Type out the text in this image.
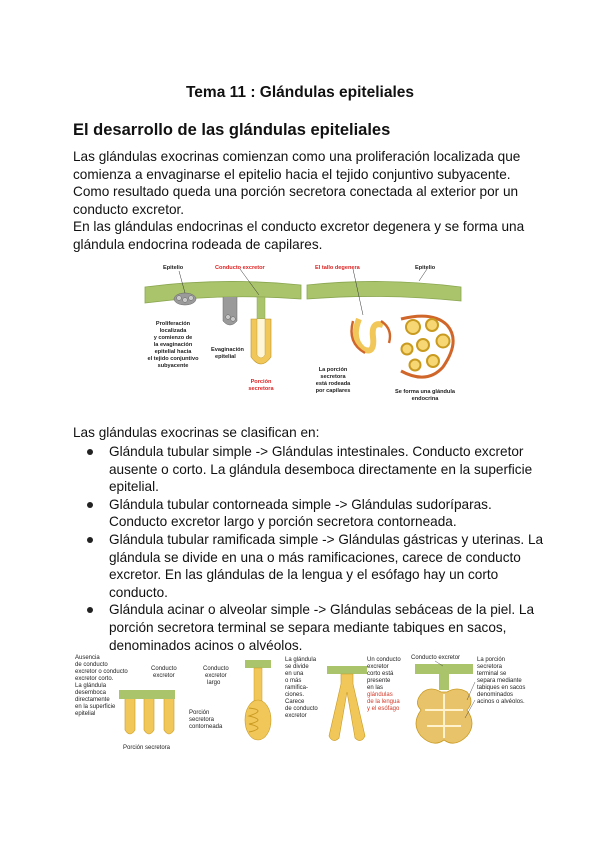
Tema 11 : Glándulas epiteliales
El desarrollo de las glándulas epiteliales
Las glándulas exocrinas comienzan como una proliferación localizada que
comienza a envaginarse el epitelio hacia el tejido conjuntivo subyacente.
Como resultado queda una porción secretora conectada al exterior por un
conducto excretor.
En las glándulas endocrinas el conducto excretor degenera y se forma una
glándula endocrina rodeada de capilares.
Epitelio	Conducto excretor	El tallo degenera	Epitelio
Proliferación
localizada
y comienzo de
la evaginación
epitelial hacia
el tejido conjuntivo
subyacente
Evaginación
epitelial
Porción
secretora
La porción
secretora
está rodeada
por capilares	Se forma una glándula
endocrina
Las glándulas exocrinas se clasifican en:
Glándula tubular simple -> Glándulas intestinales. Conducto excretor
ausente o corto. La glándula desemboca directamente en la superficie
epitelial.
Glándula tubular contorneada simple -> Glándulas sudoríparas.
Conducto excretor largo y porción secretora contorneada.
Glándula tubular ramificada simple -> Glándulas gástricas y uterinas. La
glándula se divide en una o más ramificaciones, carece de conducto
excretor. En las glándulas de la lengua y el esófago hay un corto
conducto.
Glándula acinar o alveolar simple -> Glándulas sebáceas de la piel. La
porción secretora terminal se separa mediante tabiques en sacos,
denominados acinos o alvéolos.
Ausencia
de conducto
excretor o conducto
excretor corto.
La glándula
desemboca
directamente
en la superficie
epitelial
Conducto
excretor
Porción secretora
Conducto
excretor
largo
Porción
secretora
contorneada
La glándula
se divide
en una
o más
ramifica-
ciones.
Carece
de conducto
excretor
Un conducto
excretor
corto está
presente
en las
glándulas
de la lengua
y el esófago
Conducto excretor	La porción
secretora
terminal se
separa mediante
tabiques en sacos
denominados
acinos o alvéolos.
